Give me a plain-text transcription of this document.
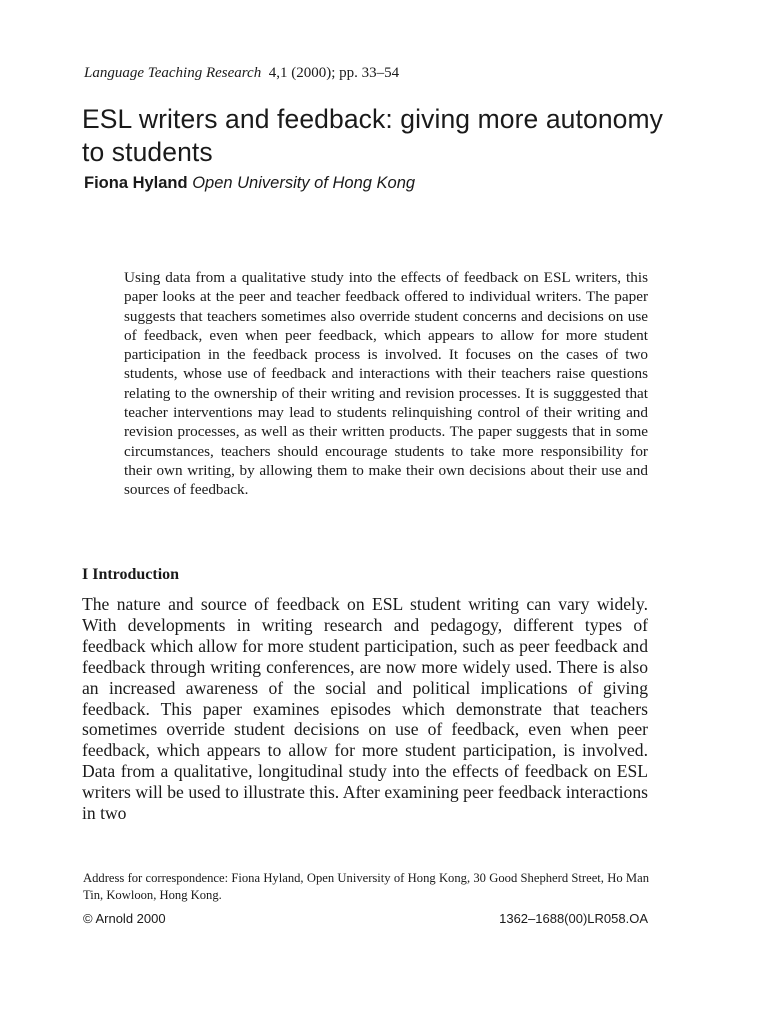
Language Teaching Research 4,1 (2000); pp. 33–54
ESL writers and feedback: giving more autonomy to students
Fiona Hyland Open University of Hong Kong

Using data from a qualitative study into the effects of feedback on ESL writers, this paper looks at the peer and teacher feedback offered to individual writers. The paper suggests that teachers sometimes also override student concerns and decisions on use of feedback, even when peer feedback, which appears to allow for more student participation in the feedback process is involved. It focuses on the cases of two students, whose use of feedback and interactions with their teachers raise questions relating to the ownership of their writing and revision processes. It is sugggested that teacher interventions may lead to students relinquishing control of their writing and revision processes, as well as their written products. The paper suggests that in some circumstances, teachers should encourage students to take more responsibility for their own writing, by allowing them to make their own decisions about their use and sources of feedback.

I Introduction

The nature and source of feedback on ESL student writing can vary widely. With developments in writing research and pedagogy, different types of feedback which allow for more student participation, such as peer feedback and feedback through writing conferences, are now more widely used. There is also an increased awareness of the social and political implications of giving feedback. This paper examines episodes which demonstrate that teachers sometimes override student decisions on use of feedback, even when peer feedback, which appears to allow for more student participation, is involved. Data from a qualitative, longitudinal study into the effects of feedback on ESL writers will be used to illustrate this. After examining peer feedback interactions in two

Address for correspondence: Fiona Hyland, Open University of Hong Kong, 30 Good Shepherd Street, Ho Man Tin, Kowloon, Hong Kong.

© Arnold 2000	1362–1688(00)LR058.OA
